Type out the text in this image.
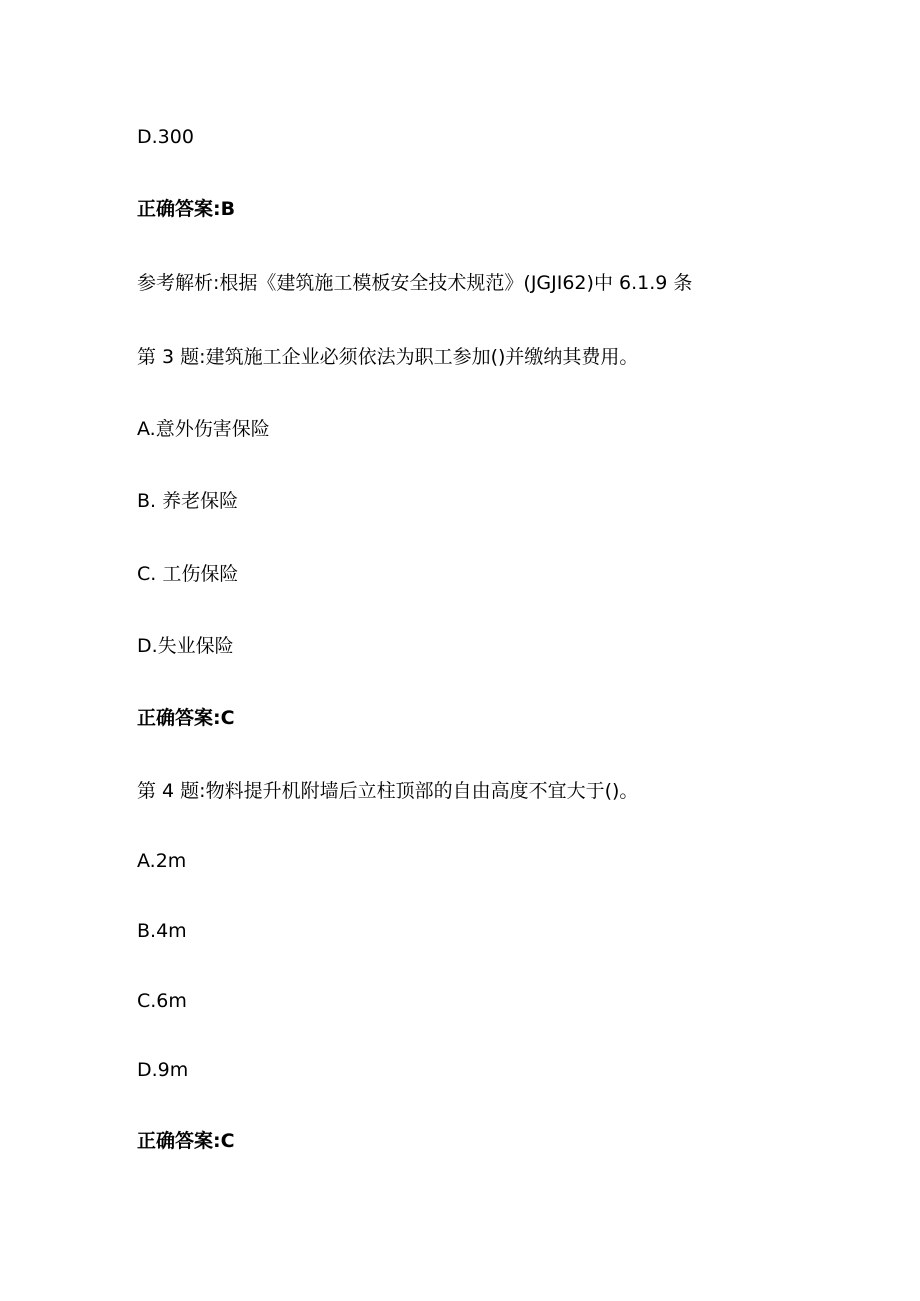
D.300
正确答案:B
参考解析:根据《建筑施工模板安全技术规范》(JGJI62)中 6.1.9 条
第 3 题:建筑施工企业必须依法为职工参加()并缴纳其费用。
A.意外伤害保险
B. 养老保险
C. 工伤保险
D.失业保险
正确答案:C
第 4 题:物料提升机附墙后立柱顶部的自由高度不宜大于()。
A.2m
B.4m
C.6m
D.9m
正确答案:C
